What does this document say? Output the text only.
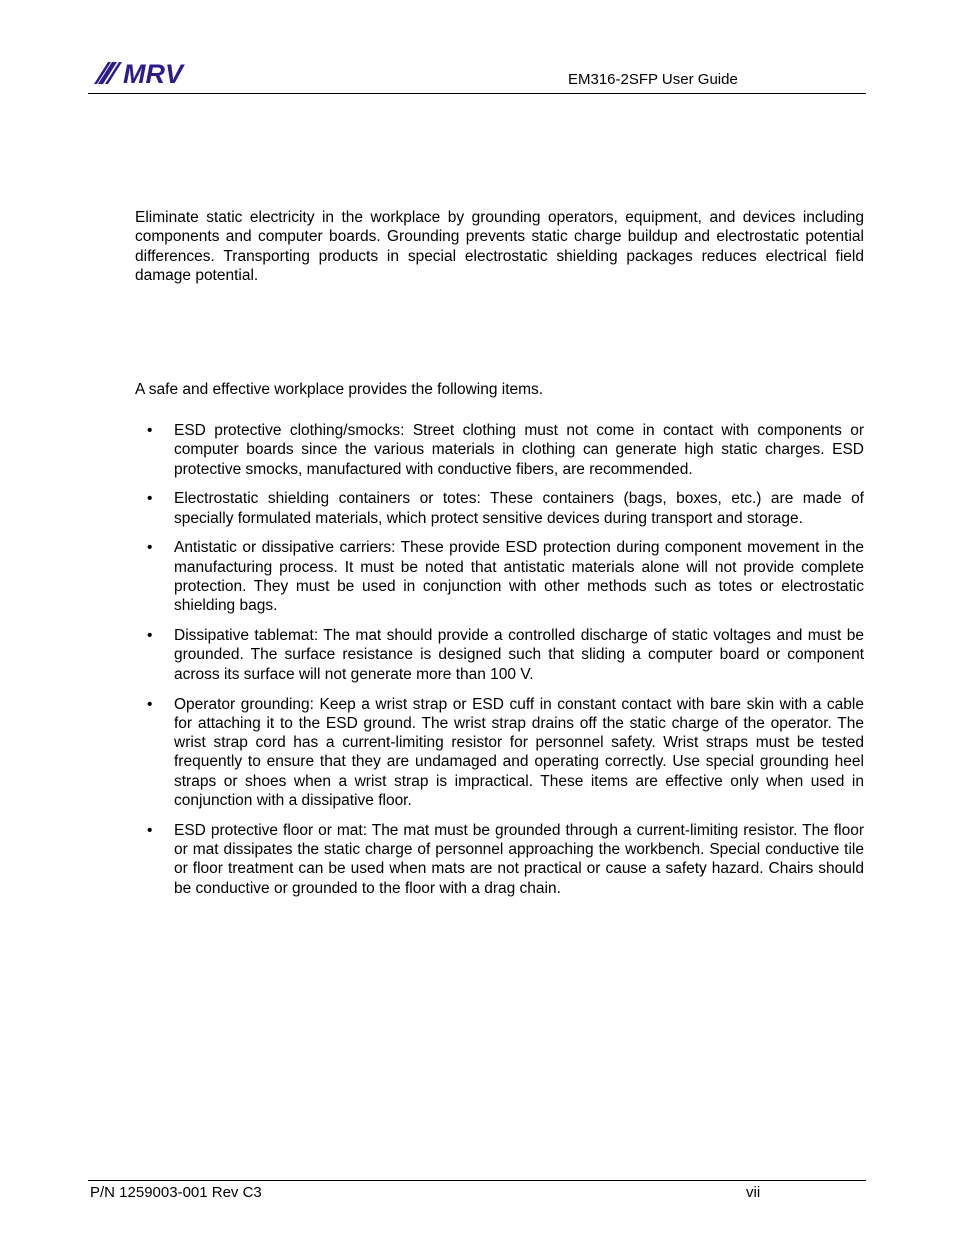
MRV	EM316-2SFP User Guide

Eliminate static electricity in the workplace by grounding operators, equipment, and devices including components and computer boards. Grounding prevents static charge buildup and electrostatic potential differences. Transporting products in special electrostatic shielding packages reduces electrical field damage potential.

A safe and effective workplace provides the following items.

• ESD protective clothing/smocks: Street clothing must not come in contact with components or computer boards since the various materials in clothing can generate high static charges. ESD protective smocks, manufactured with conductive fibers, are recommended.
• Electrostatic shielding containers or totes: These containers (bags, boxes, etc.) are made of specially formulated materials, which protect sensitive devices during transport and storage.
• Antistatic or dissipative carriers: These provide ESD protection during component movement in the manufacturing process. It must be noted that antistatic materials alone will not provide complete protection. They must be used in conjunction with other methods such as totes or electrostatic shielding bags.
• Dissipative tablemat: The mat should provide a controlled discharge of static voltages and must be grounded. The surface resistance is designed such that sliding a computer board or component across its surface will not generate more than 100 V.
• Operator grounding: Keep a wrist strap or ESD cuff in constant contact with bare skin with a cable for attaching it to the ESD ground. The wrist strap drains off the static charge of the operator. The wrist strap cord has a current-limiting resistor for personnel safety. Wrist straps must be tested frequently to ensure that they are undamaged and operating correctly. Use special grounding heel straps or shoes when a wrist strap is impractical. These items are effective only when used in conjunction with a dissipative floor.
• ESD protective floor or mat: The mat must be grounded through a current-limiting resistor. The floor or mat dissipates the static charge of personnel approaching the workbench. Special conductive tile or floor treatment can be used when mats are not practical or cause a safety hazard. Chairs should be conductive or grounded to the floor with a drag chain.
P/N 1259003-001 Rev C3	vii
